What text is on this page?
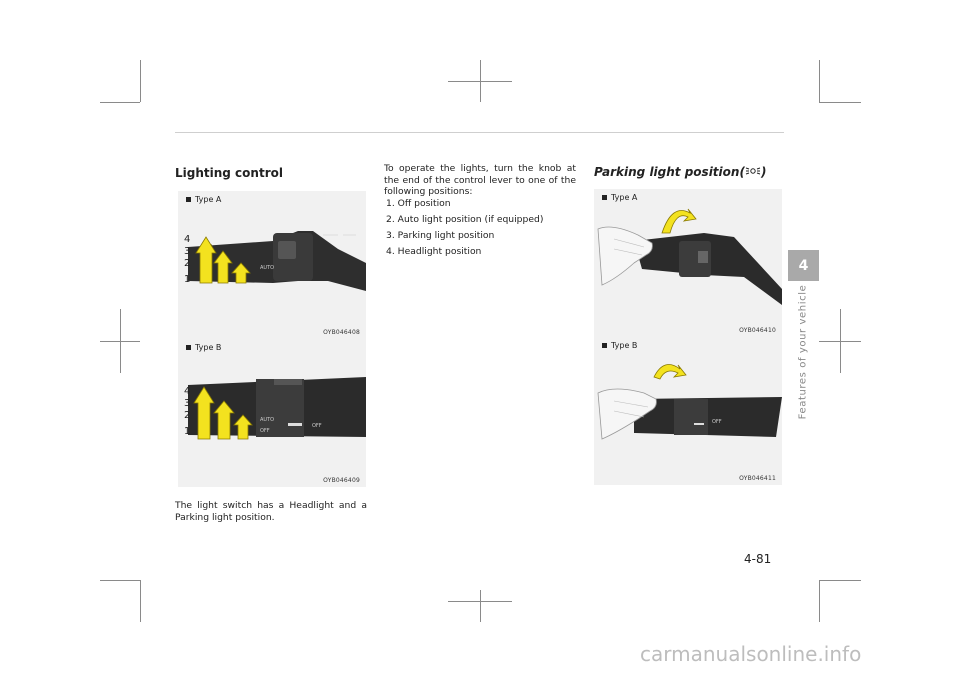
Lighting control
Type A
AUTO
4
3
2
1
OYB046408
Type B
AUTO
OFF
OFF
4
3
2
1
OYB046409
The light switch has a Headlight and a Parking light position.
To operate the lights, turn the knob at the end of the control lever to one of the following positions:
1. Off position
2. Auto light position (if equipped)
3. Parking light position
4. Headlight position
Parking light position( )
Type A
OYB046410
Type B
OFF
OYB046411
4
Features of your vehicle
4-81
carmanualsonline.info
